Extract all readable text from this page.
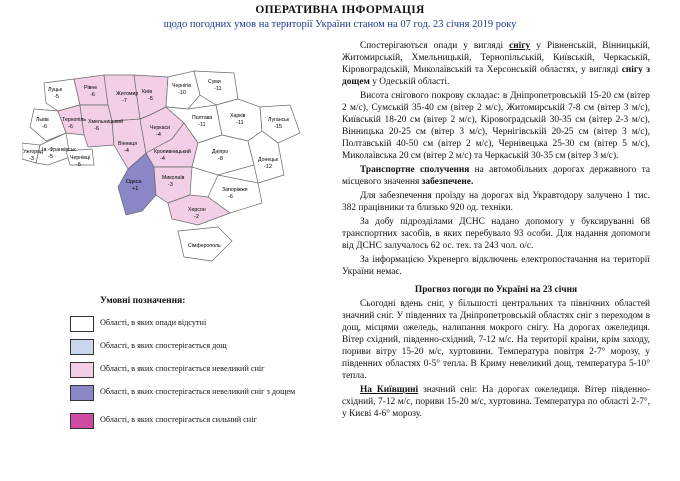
ОПЕРАТИВНА ІНФОРМАЦІЯ
щодо погодних умов на території України станом на 07 год. 23 січня 2019 року
Луцьк
-5
Рівне
-6	Житомир
-7
Київ
-5
Чернігів
-10
Суми
-11
Львів
-6
Тернопіль
-6
Хмельницький
-6
Ужгород
-3
Ів.-Франківськ
-5	Чернівці
-5
Вінниця
-4
Черкаси
-4
Полтава
-11
Харків
-11
Кропивницький
-4
Дніпро
-8
Луганськ
-15
Донецьк
-12
Одеса
+1
Миколаїв
-3
Запоріжжя
-6
Херсон
-2
Сімферополь
Умовні позначення:
Області, в яких опади відсутні
Області, в яких спостерігається дощ
Області, в яких спостерігається невеликий сніг
Області, в яких спостерігається невеликий сніг з дощем
Області, в яких спостерігається сильний сніг

Спостерігаються опади у вигляді снігу у Рівненській, Вінницькій, Житомирській, Хмельницькій, Тернопільській, Київській, Черкаській, Кіровоградській, Миколаївській та Херсонській областях, у вигляді снігу з дощем у Одеській області.

Висота снігового покрову складає: в Дніпропетровській 15-20 см (вітер 2 м/с), Сумській 35-40 см (вітер 2 м/с), Житомирській 7-8 см (вітер 3 м/с), Київській 18-20 см (вітер 2 м/с), Кіровоградській 30-35 см (вітер 2-3 м/с), Вінницька 20-25 см (вітер 3 м/с), Чернігівській 20-25 см (вітер 3 м/с), Полтавській 40-50 см (вітер 2 м/с), Чернівецька 25-30 см (вітер 5 м/с), Миколаївська 20 см (вітер 2 м/с) та Черкаській 30-35 см (вітер 3 м/с).

Транспортне сполучення на автомобільних дорогах державного та місцевого значення забезпечене.

Для забезпечення проїзду на дорогах від Укравтодору залучено 1 тис. 382 працівники та близько 920 од. техніки.

За добу підрозділами ДСНС надано допомогу у буксируванні 68 транспортних засобів, в яких перебувало 93 особи. Для надання допомоги від ДСНС залучалось 62 ос. тех. та 243 чол. о/с.

За інформацією Укренерго відключень електропостачання на території України немає.

Прогноз погоди по Україні на 23 січня

Сьогодні вдень сніг, у більшості центральних та північних областей значний сніг. У південних та Дніпропетровській областях сніг з переходом в дощ, місцями ожеледь, налипання мокрого снігу. На дорогах ожеледиця. Вітер східний, південно-східний, 7-12 м/с. На території країни, крім заходу, пориви вітру 15-20 м/с, хуртовини. Температура повітря 2-7° морозу, у південних областях 0-5° тепла. В Криму невеликий дощ, температура 5-10° тепла.

На Київщині значний сніг. На дорогах ожеледиця. Вітер південно-східний, 7-12 м/с, пориви 15-20 м/с, хуртовина. Температура по області 2-7°, у Києві 4-6° морозу.
